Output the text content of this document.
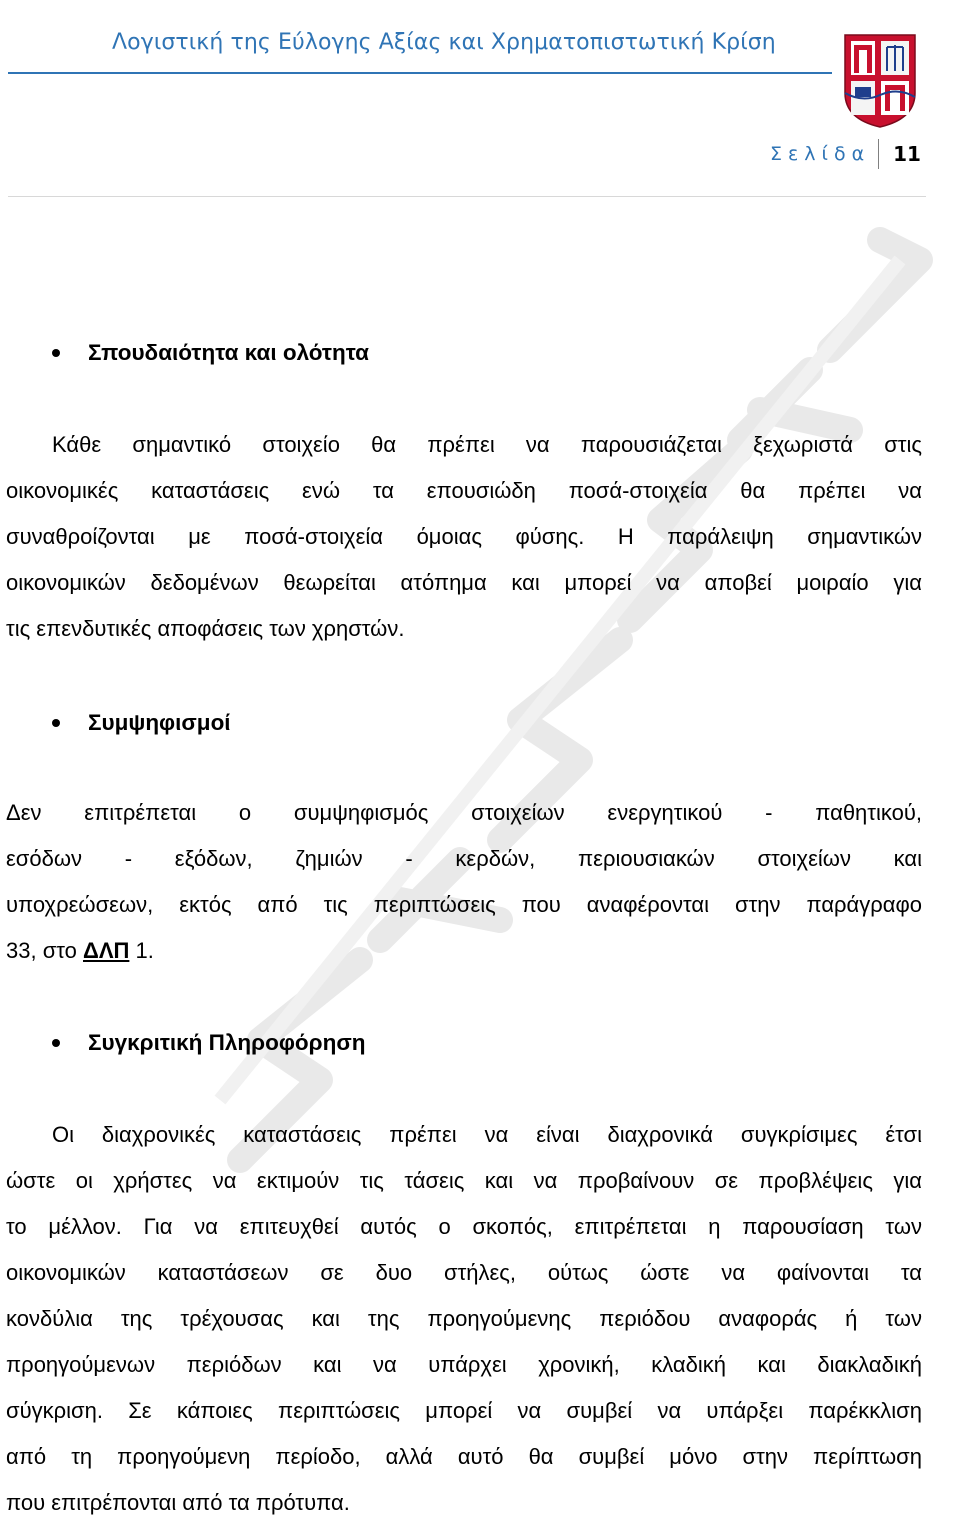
Λογιστική της Εύλογης Αξίας και Χρηματοπιστωτική Κρίση
Σελίδα 11
Σπουδαιότητα και ολότητα
Κάθε σημαντικό στοιχείο θα πρέπει να παρουσιάζεται ξεχωριστά στις
οικονομικές καταστάσεις ενώ τα επουσιώδη ποσά-στοιχεία θα πρέπει να
συναθροίζονται με ποσά-στοιχεία όμοιας φύσης. Η παράλειψη σημαντικών
οικονομικών δεδομένων θεωρείται ατόπημα και μπορεί να αποβεί μοιραίο για
τις επενδυτικές αποφάσεις των χρηστών.
Συμψηφισμοί
Δεν επιτρέπεται ο συμψηφισμός στοιχείων ενεργητικού - παθητικού,
εσόδων - εξόδων, ζημιών - κερδών, περιουσιακών στοιχείων και
υποχρεώσεων, εκτός από τις περιπτώσεις που αναφέρονται στην παράγραφο
33, στο ΔΛΠ 1.
Συγκριτική Πληροφόρηση
Οι διαχρονικές καταστάσεις πρέπει να είναι διαχρονικά συγκρίσιμες έτσι
ώστε οι χρήστες να εκτιμούν τις τάσεις και να προβαίνουν σε προβλέψεις για
το μέλλον. Για να επιτευχθεί αυτός ο σκοπός, επιτρέπεται η παρουσίαση των
οικονομικών καταστάσεων σε δυο στήλες, ούτως ώστε να φαίνονται τα
κονδύλια της τρέχουσας και της προηγούμενης περιόδου αναφοράς ή των
προηγούμενων περιόδων και να υπάρχει χρονική, κλαδική και διακλαδική
σύγκριση. Σε κάποιες περιπτώσεις μπορεί να συμβεί να υπάρξει παρέκκλιση
από τη προηγούμενη περίοδο, αλλά αυτό θα συμβεί μόνο στην περίπτωση
που επιτρέπονται από τα πρότυπα.
